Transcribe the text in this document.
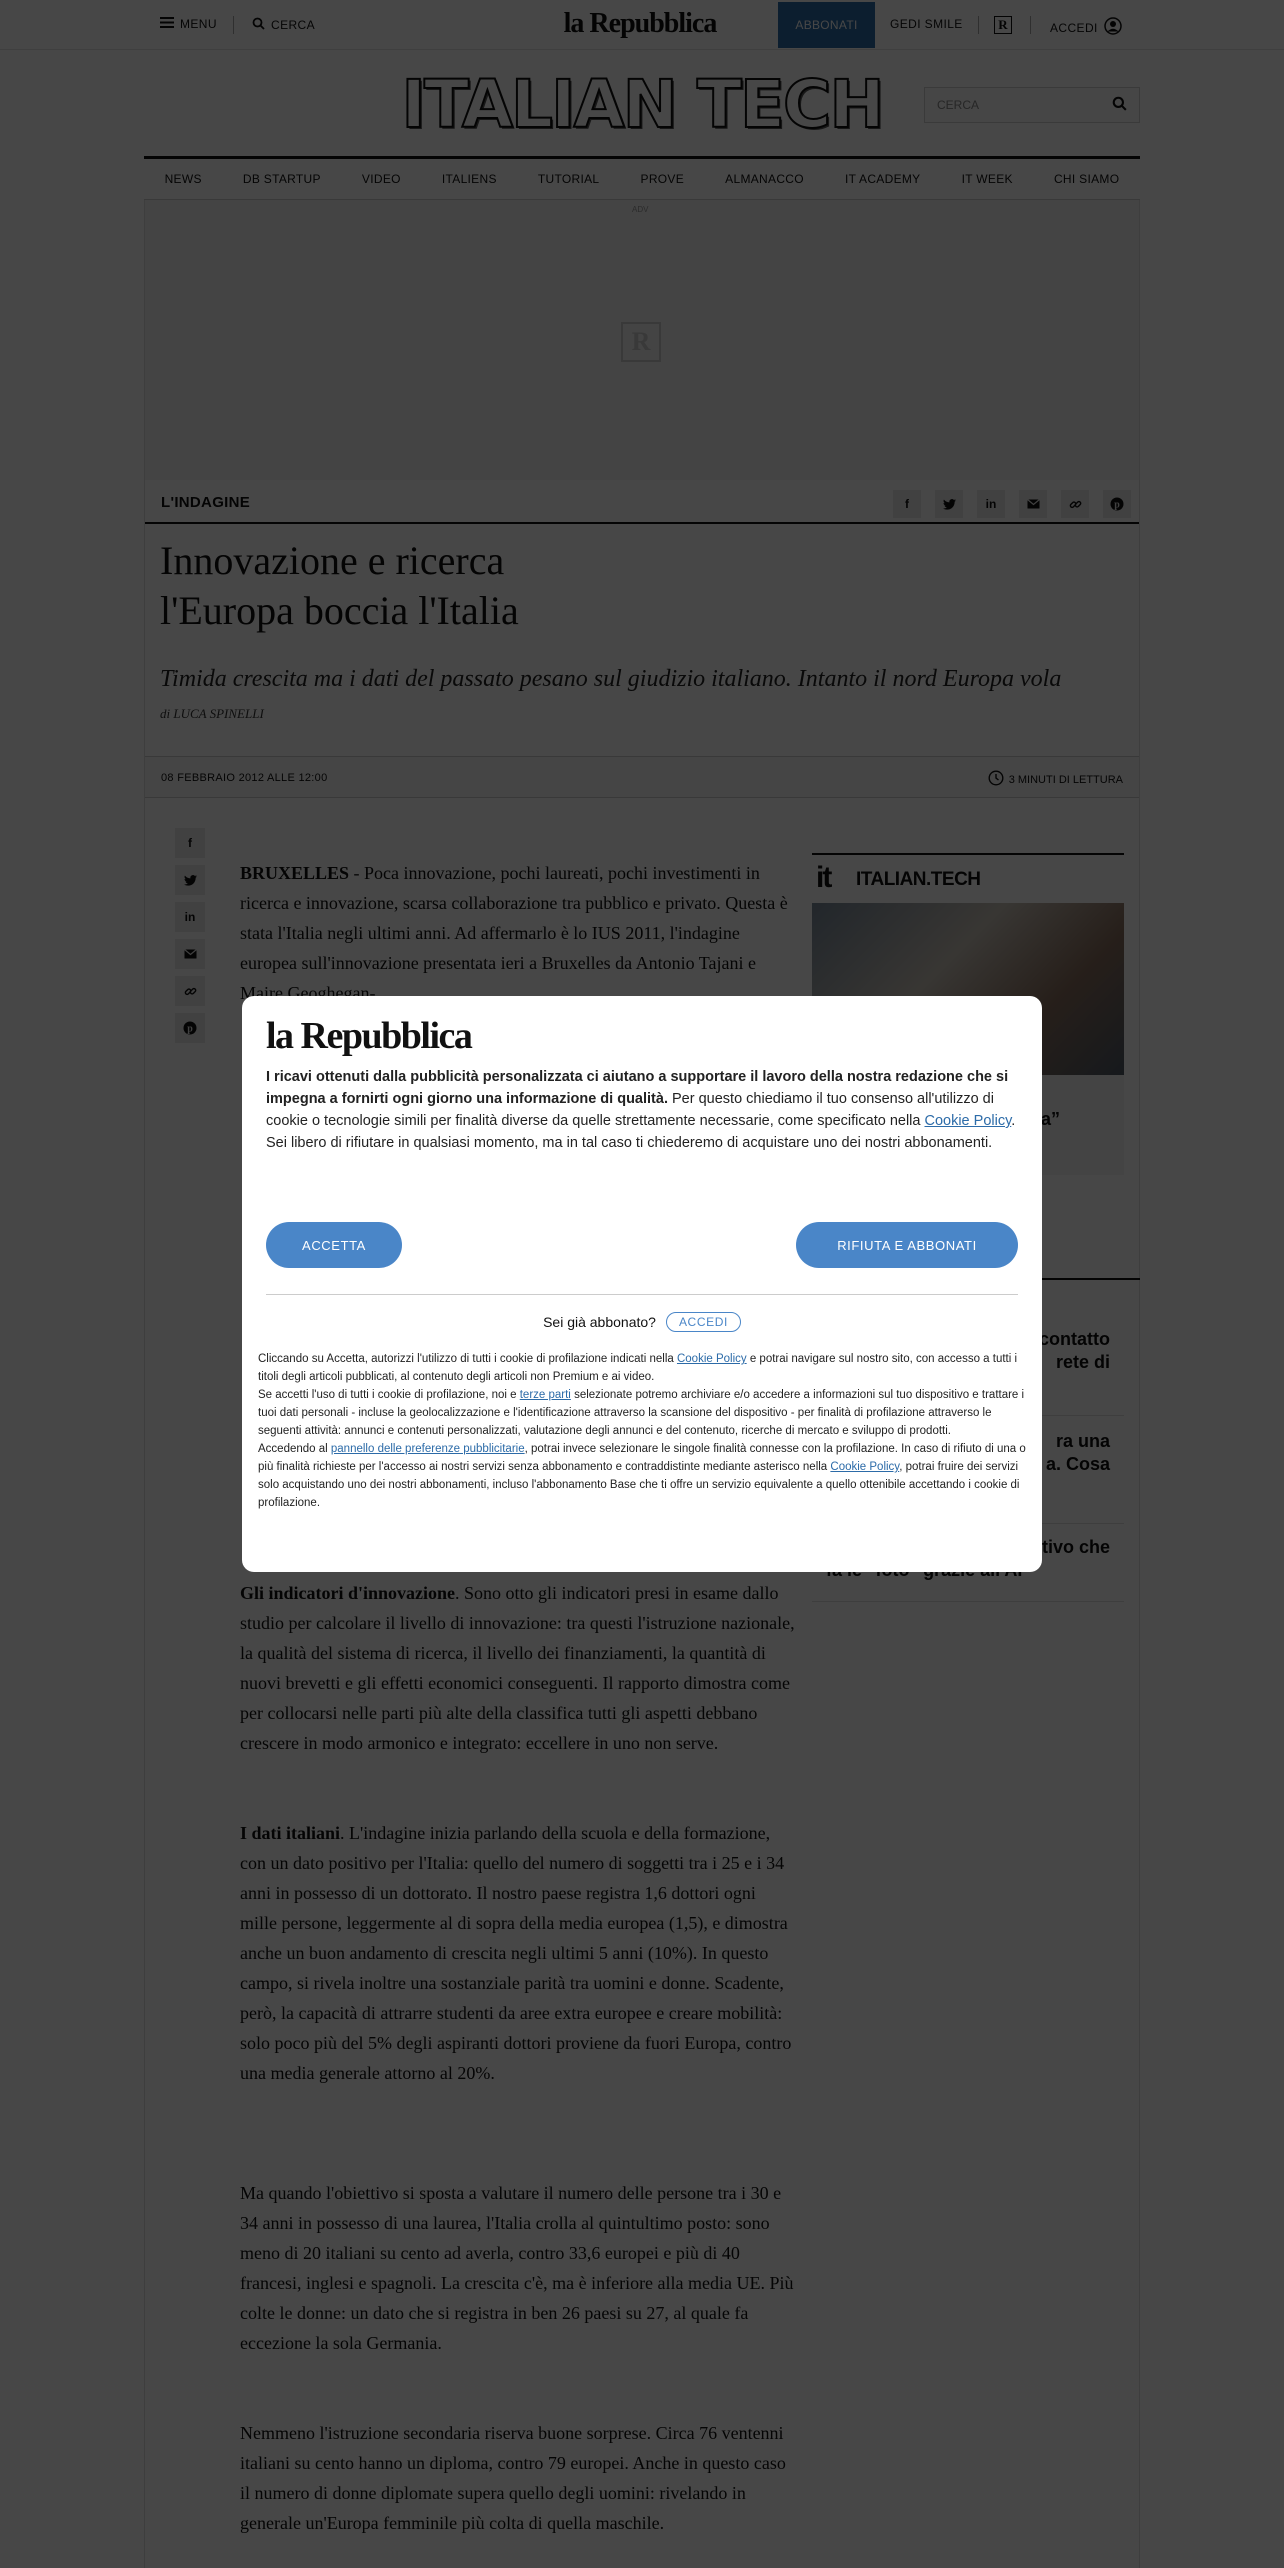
la Repubblica
I ricavi ottenuti dalla pubblicità personalizzata ci aiutano a supportare il lavoro della nostra redazione che si impegna a fornirti ogni giorno una informazione di qualità. Per questo chiediamo il tuo consenso all'utilizzo di cookie o tecnologie simili per finalità diverse da quelle strettamente necessarie, come specificato nella Cookie Policy.
Sei libero di rifiutare in qualsiasi momento, ma in tal caso ti chiederemo di acquistare uno dei nostri abbonamenti.
ACCETTA	RIFIUTA E ABBONATI
Sei già abbonato?	ACCEDI
Cliccando su Accetta, autorizzi l'utilizzo di tutti i cookie di profilazione indicati nella Cookie Policy e potrai navigare sul nostro sito, con accesso a tutti i titoli degli articoli pubblicati, al contenuto degli articoli non Premium e ai video.
Se accetti l'uso di tutti i cookie di profilazione, noi e terze parti selezionate potremo archiviare e/o accedere a informazioni sul tuo dispositivo e trattare i tuoi dati personali - incluse la geolocalizzazione e l'identificazione attraverso la scansione del dispositivo - per finalità di profilazione attraverso le seguenti attività: annunci e contenuti personalizzati, valutazione degli annunci e del contenuto, ricerche di mercato e sviluppo di prodotti.
Accedendo al pannello delle preferenze pubblicitarie, potrai invece selezionare le singole finalità connesse con la profilazione. In caso di rifiuto di una o più finalità richieste per l'accesso ai nostri servizi senza abbonamento e contraddistinte mediante asterisco nella Cookie Policy, potrai fruire dei servizi solo acquistando uno dei nostri abbonamenti, incluso l'abbonamento Base che ti offre un servizio equivalente a quello ottenibile accettando i cookie di profilazione.
